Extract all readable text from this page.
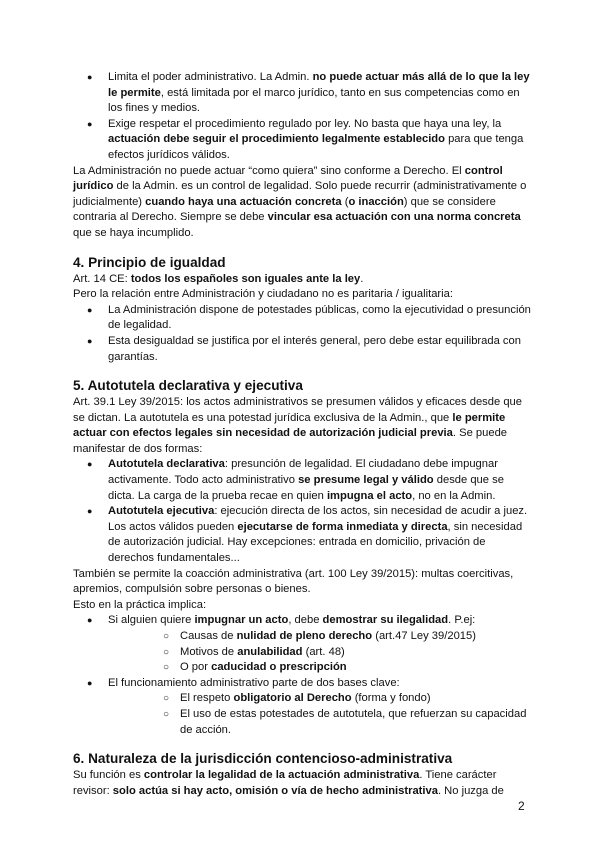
● Limita el poder administrativo. La Admin. no puede actuar más allá de lo que la ley le permite, está limitada por el marco jurídico, tanto en sus competencias como en los fines y medios.
● Exige respetar el procedimiento regulado por ley. No basta que haya una ley, la actuación debe seguir el procedimiento legalmente establecido para que tenga efectos jurídicos válidos.

La Administración no puede actuar “como quiera” sino conforme a Derecho. El control jurídico de la Admin. es un control de legalidad. Solo puede recurrir (administrativamente o judicialmente) cuando haya una actuación concreta (o inacción) que se considere contraria al Derecho. Siempre se debe vincular esa actuación con una norma concreta que se haya incumplido.

4. Principio de igualdad

Art. 14 CE: todos los españoles son iguales ante la ley.

Pero la relación entre Administración y ciudadano no es paritaria / igualitaria:

● La Administración dispone de potestades públicas, como la ejecutividad o presunción de legalidad.
● Esta desigualdad se justifica por el interés general, pero debe estar equilibrada con garantías.
5. Autotutela declarativa y ejecutiva

Art. 39.1 Ley 39/2015: los actos administrativos se presumen válidos y eficaces desde que se dictan. La autotutela es una potestad jurídica exclusiva de la Admin., que le permite actuar con efectos legales sin necesidad de autorización judicial previa. Se puede manifestar de dos formas:

● Autotutela declarativa: presunción de legalidad. El ciudadano debe impugnar activamente. Todo acto administrativo se presume legal y válido desde que se dicta. La carga de la prueba recae en quien impugna el acto, no en la Admin.
● Autotutela ejecutiva: ejecución directa de los actos, sin necesidad de acudir a juez. Los actos válidos pueden ejecutarse de forma inmediata y directa, sin necesidad de autorización judicial. Hay excepciones: entrada en domicilio, privación de derechos fundamentales...

También se permite la coacción administrativa (art. 100 Ley 39/2015): multas coercitivas, apremios, compulsión sobre personas o bienes.

Esto en la práctica implica:

● Si alguien quiere impugnar un acto, debe demostrar su ilegalidad. P.ej:
○ Causas de nulidad de pleno derecho (art.47 Ley 39/2015)
○ Motivos de anulabilidad (art. 48)
○ O por caducidad o prescripción
● El funcionamiento administrativo parte de dos bases clave:
○ El respeto obligatorio al Derecho (forma y fondo)
○ El uso de estas potestades de autotutela, que refuerzan su capacidad de acción.
6. Naturaleza de la jurisdicción contencioso-administrativa

Su función es controlar la legalidad de la actuación administrativa. Tiene carácter revisor: solo actúa si hay acto, omisión o vía de hecho administrativa. No juzga de

2
